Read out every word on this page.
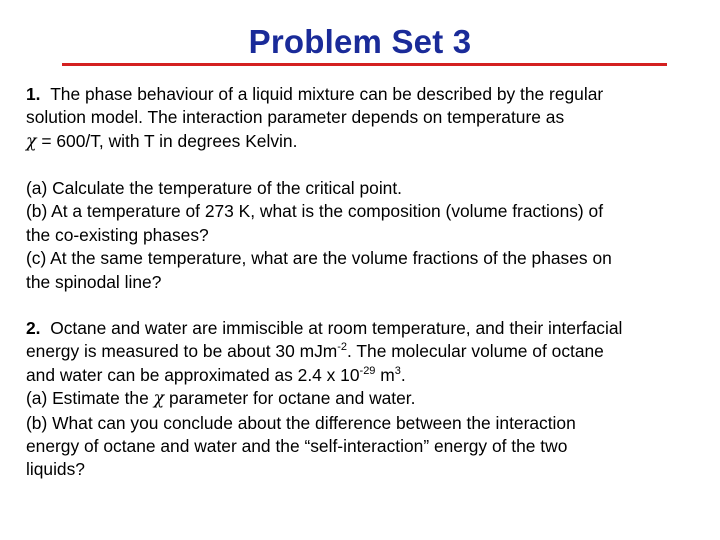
Problem Set 3
1. The phase behaviour of a liquid mixture can be described by the regular
solution model. The interaction parameter depends on temperature as
χ = 600/T, with T in degrees Kelvin.
(a) Calculate the temperature of the critical point.
(b) At a temperature of 273 K, what is the composition (volume fractions) of
the co-existing phases?
(c) At the same temperature, what are the volume fractions of the phases on
the spinodal line?
2. Octane and water are immiscible at room temperature, and their interfacial
energy is measured to be about 30 mJm$^{-2}$. The molecular volume of octane
and water can be approximated as 2.4 x $10^{-29}$ $m^3$.
(a) Estimate the χ parameter for octane and water.
(b) What can you conclude about the difference between the interaction
energy of octane and water and the “self-interaction” energy of the two
liquids?
